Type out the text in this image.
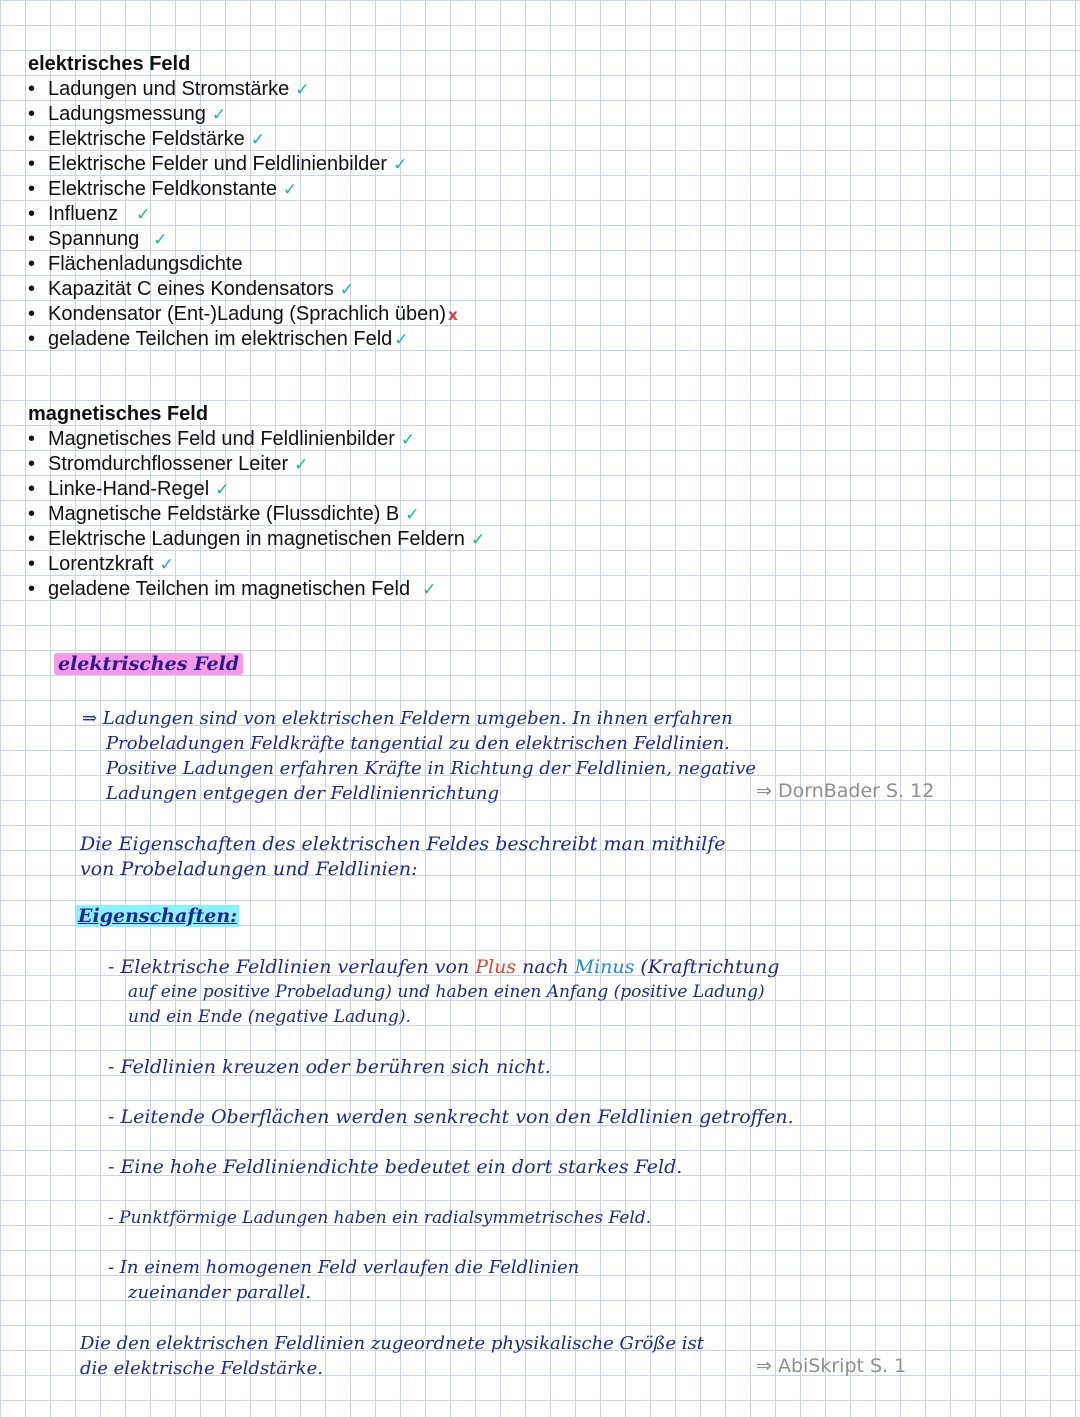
elektrisches Feld
• Ladungen und Stromstärke ✓
• Ladungsmessung ✓
• Elektrische Feldstärke ✓
• Elektrische Felder und Feldlinienbilder ✓
• Elektrische Feldkonstante ✓
• Influenz ✓
• Spannung ✓
• Flächenladungsdichte
• Kapazität C eines Kondensators ✓
• Kondensator (Ent-)Ladung (Sprachlich üben) x
• geladene Teilchen im elektrischen Feld ✓
magnetisches Feld
• Magnetisches Feld und Feldlinienbilder ✓
• Stromdurchflossener Leiter ✓
• Linke-Hand-Regel ✓
• Magnetische Feldstärke (Flussdichte) B ✓
• Elektrische Ladungen in magnetischen Feldern ✓
• Lorentzkraft ✓
• geladene Teilchen im magnetischen Feld ✓
elektrisches Feld
⇒ Ladungen sind von elektrischen Feldern umgeben. In ihnen erfahren
Probeladungen Feldkräfte tangential zu den elektrischen Feldlinien.
Positive Ladungen erfahren Kräfte in Richtung der Feldlinien, negative
Ladungen entgegen der Feldlinienrichtung	⇒ DornBader S. 12
Die Eigenschaften des elektrischen Feldes beschreibt man mithilfe
von Probeladungen und Feldlinien:
Eigenschaften:
- Elektrische Feldlinien verlaufen von Plus nach Minus (Kraftrichtung
auf eine positive Probeladung) und haben einen Anfang (positive Ladung)
und ein Ende (negative Ladung).
- Feldlinien kreuzen oder berühren sich nicht.
- Leitende Oberflächen werden senkrecht von den Feldlinien getroffen.
- Eine hohe Feldliniendichte bedeutet ein dort starkes Feld.
- Punktförmige Ladungen haben ein radialsymmetrisches Feld.
- In einem homogenen Feld verlaufen die Feldlinien
zueinander parallel.
Die den elektrischen Feldlinien zugeordnete physikalische Größe ist
die elektrische Feldstärke.	⇒ AbiSkript S. 1
